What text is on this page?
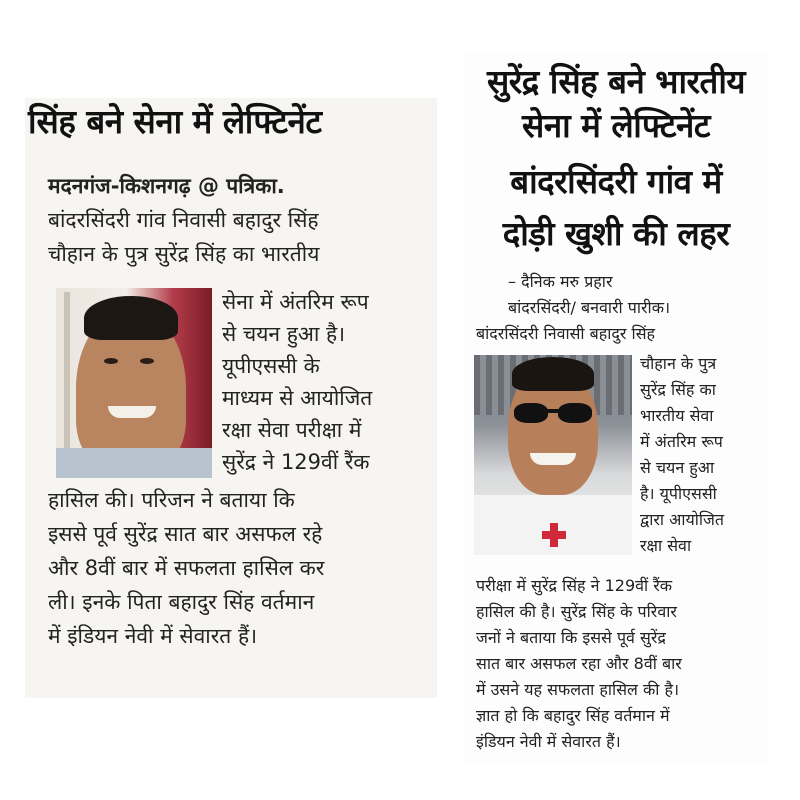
सिंह बने सेना में लेफ्टिनेंट
मदनगंज-किशनगढ़ @ पत्रिका.
बांदरसिंदरी गांव निवासी बहादुर सिंह
चौहान के पुत्र सुरेंद्र सिंह का भारतीय
सेना में अंतरिम रूप
से चयन हुआ है।
यूपीएससी के
माध्यम से आयोजित
रक्षा सेवा परीक्षा में
सुरेंद्र ने 129वीं रैंक
हासिल की। परिजन ने बताया कि
इससे पूर्व सुरेंद्र सात बार असफल रहे
और 8वीं बार में सफलता हासिल कर
ली। इनके पिता बहादुर सिंह वर्तमान
में इंडियन नेवी में सेवारत हैं।
सुरेंद्र सिंह बने भारतीय
सेना में लेफ्टिनेंट
बांदरसिंदरी गांव में
दोड़ी खुशी की लहर
– दैनिक मरु प्रहार
बांदरसिंदरी/ बनवारी पारीक।
बांदरसिंदरी निवासी बहादुर सिंह
चौहान के पुत्र
सुरेंद्र सिंह का
भारतीय सेवा
में अंतरिम रूप
से चयन हुआ
है। यूपीएससी
द्वारा आयोजित
रक्षा सेवा
परीक्षा में सुरेंद्र सिंह ने 129वीं रैंक
हासिल की है। सुरेंद्र सिंह के परिवार
जनों ने बताया कि इससे पूर्व सुरेंद्र
सात बार असफल रहा और 8वीं बार
में उसने यह सफलता हासिल की है।
ज्ञात हो कि बहादुर सिंह वर्तमान में
इंडियन नेवी में सेवारत हैं।
